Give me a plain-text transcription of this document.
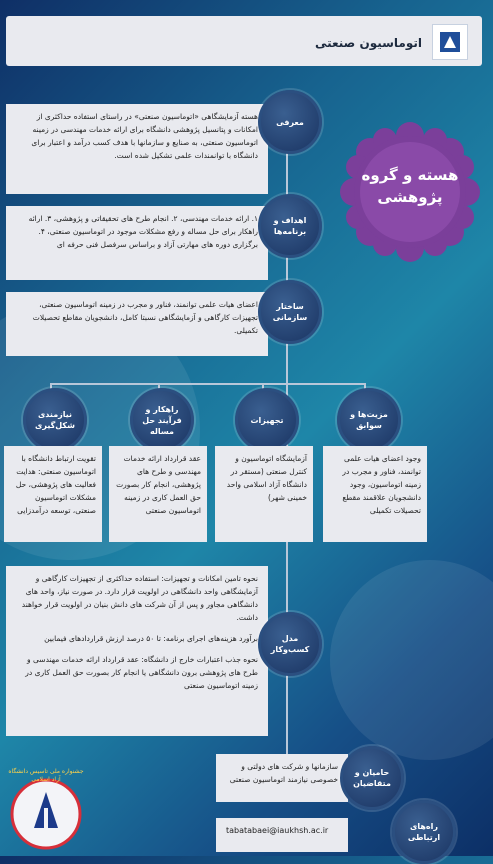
اتوماسیون صنعتی
هسته و گروه
پژوهشی
هسته آزمایشگاهی «اتوماسیون صنعتی» در راستای استفاده حداکثری از امکانات و پتانسیل پژوهشی دانشگاه برای ارائه خدمات مهندسی در زمینه اتوماسیون صنعتی، به صنایع و سازمانها با هدف کسب درآمد و اعتبار برای دانشگاه با توانمندات علمی تشکیل شده است.
معرفی
۱. ارائه خدمات مهندسی، ۲. انجام طرح های تحقیقاتی و پژوهشی، ۳. ارائه راهکار برای حل مساله و رفع مشکلات موجود در اتوماسیون صنعتی، ۴. برگزاری دوره های مهارتی آزاد و براساس سرفصل فنی حرفه ای
اهداف و برنامه‌ها
اعضای هیات علمی توانمند، فناور و مجرب در زمینه اتوماسیون صنعتی، تجهیزات کارگاهی و آزمایشگاهی نسبتا کامل، دانشجویان مقاطع تحصیلات تکمیلی.
ساختار سازمانی
مزیت‌ها و سوابق
تجهیزات
راهکار و فرآیند حل مساله
نیازمندی شکل‌گیری
وجود اعضای هیات علمی توانمند، فناور و مجرب در زمینه اتوماسیون، وجود دانشجویان علاقمند مقطع تحصیلات تکمیلی
آزمایشگاه اتوماسیون و کنترل صنعتی (مستقر در دانشگاه آزاد اسلامی واحد خمینی شهر)
عقد قرارداد ارائه خدمات مهندسی و طرح های پژوهشی، انجام کار بصورت حق العمل کاری در زمینه اتوماسیون صنعتی
تقویت ارتباط دانشگاه با اتوماسیون صنعتی: هدایت فعالیت های پژوهشی، حل مشکلات اتوماسیون صنعتی، توسعه درآمدزایی
نحوه تامین امکانات و تجهیزات: استفاده حداکثری از تجهیزات کارگاهی و آزمایشگاهی واحد دانشگاهی در اولویت قرار دارد. در صورت نیاز، واحد های دانشگاهی مجاور و پس از آن شرکت های دانش بنیان در اولویت قرار خواهند داشت.
برآورد هزینه‌های اجرای برنامه: تا ۵۰ درصد ارزش قراردادهای فیمابین
نحوه جذب اعتبارات خارج از دانشگاه: عقد قرارداد ارائه خدمات مهندسی و طرح های پژوهشی برون دانشگاهی یا انجام کار بصورت حق العمل کاری در زمینه اتوماسیون صنعتی
مدل کسب‌وکار
سازمانها و شرکت های دولتی و خصوصی نیازمند اتوماسیون صنعتی
حامیان و متقاضیان
tabatabaei@iaukhsh.ac.ir	راه‌های ارتباطی
جشنواره ملی تاسیس دانشگاه آزاد اسلامی
